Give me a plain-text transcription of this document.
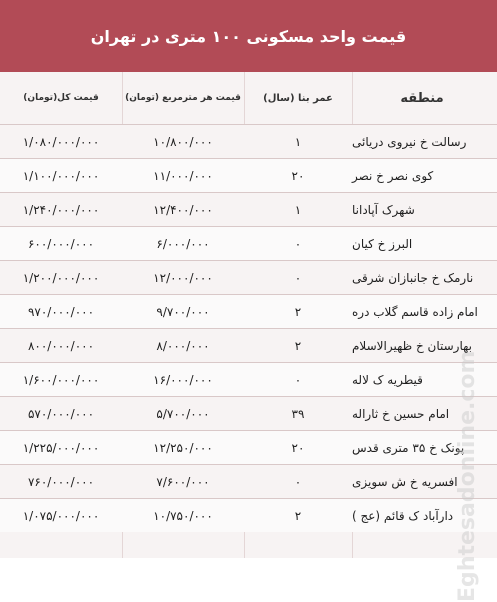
قیمت واحد مسکونی ۱۰۰ متری در تهران
منطقه
عمر بنا (سال)
قیمت هر مترمربع (تومان)
قیمت کل(تومان)
رسالت خ نیروی دریائی
۱
۱۰/۸۰۰/۰۰۰
۱/۰۸۰/۰۰۰/۰۰۰
کوی نصر خ نصر
۲۰
۱۱/۰۰۰/۰۰۰
۱/۱۰۰/۰۰۰/۰۰۰
شهرک آپادانا
۱
۱۲/۴۰۰/۰۰۰
۱/۲۴۰/۰۰۰/۰۰۰
البرز خ کیان
۰
۶/۰۰۰/۰۰۰
۶۰۰/۰۰۰/۰۰۰
نارمک خ جانبازان شرقی
۰
۱۲/۰۰۰/۰۰۰
۱/۲۰۰/۰۰۰/۰۰۰
امام زاده قاسم گلاب دره
۲
۹/۷۰۰/۰۰۰
۹۷۰/۰۰۰/۰۰۰
بهارستان خ ظهیرالاسلام
۲
۸/۰۰۰/۰۰۰
۸۰۰/۰۰۰/۰۰۰
قیطریه ک لاله
۰
۱۶/۰۰۰/۰۰۰
۱/۶۰۰/۰۰۰/۰۰۰
امام حسین خ ثاراله
۳۹
۵/۷۰۰/۰۰۰
۵۷۰/۰۰۰/۰۰۰
پونک خ ۳۵ متری قدس
۲۰
۱۲/۲۵۰/۰۰۰
۱/۲۲۵/۰۰۰/۰۰۰
افسریه خ ش سویزی
۰
۷/۶۰۰/۰۰۰
۷۶۰/۰۰۰/۰۰۰
دارآباد ک قائم (عج )
۲
۱۰/۷۵۰/۰۰۰
۱/۰۷۵/۰۰۰/۰۰۰	Eghtesadonline.com
